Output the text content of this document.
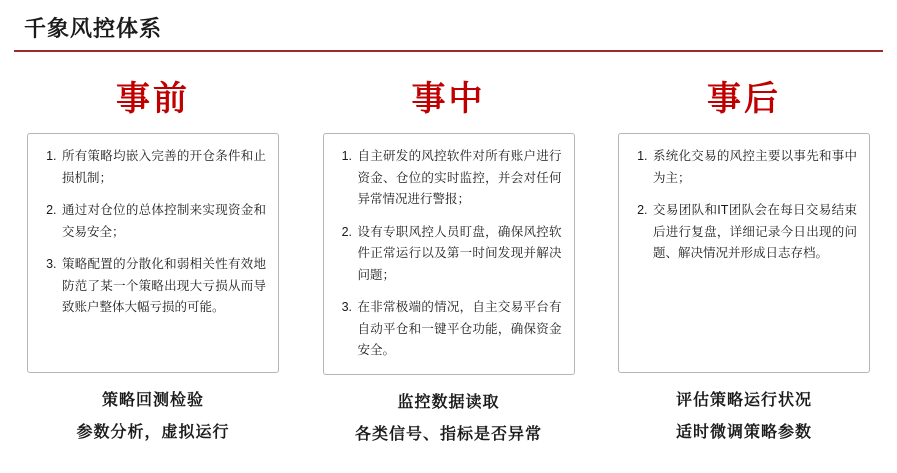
千象风控体系
事前
1. 所有策略均嵌入完善的开仓条件和止损机制；
2. 通过对仓位的总体控制来实现资金和交易安全；
3. 策略配置的分散化和弱相关性有效地防范了某一个策略出现大亏损从而导致账户整体大幅亏损的可能。
策略回测检验
参数分析，虚拟运行
事中
1. 自主研发的风控软件对所有账户进行资金、仓位的实时监控，并会对任何异常情况进行警报；
2. 设有专职风控人员盯盘，确保风控软件正常运行以及第一时间发现并解决问题；
3. 在非常极端的情况，自主交易平台有自动平仓和一键平仓功能，确保资金安全。
监控数据读取
各类信号、指标是否异常
事后
1. 系统化交易的风控主要以事先和事中为主；
2. 交易团队和IT团队会在每日交易结束后进行复盘，详细记录今日出现的问题、解决情况并形成日志存档。
评估策略运行状况
适时微调策略参数
